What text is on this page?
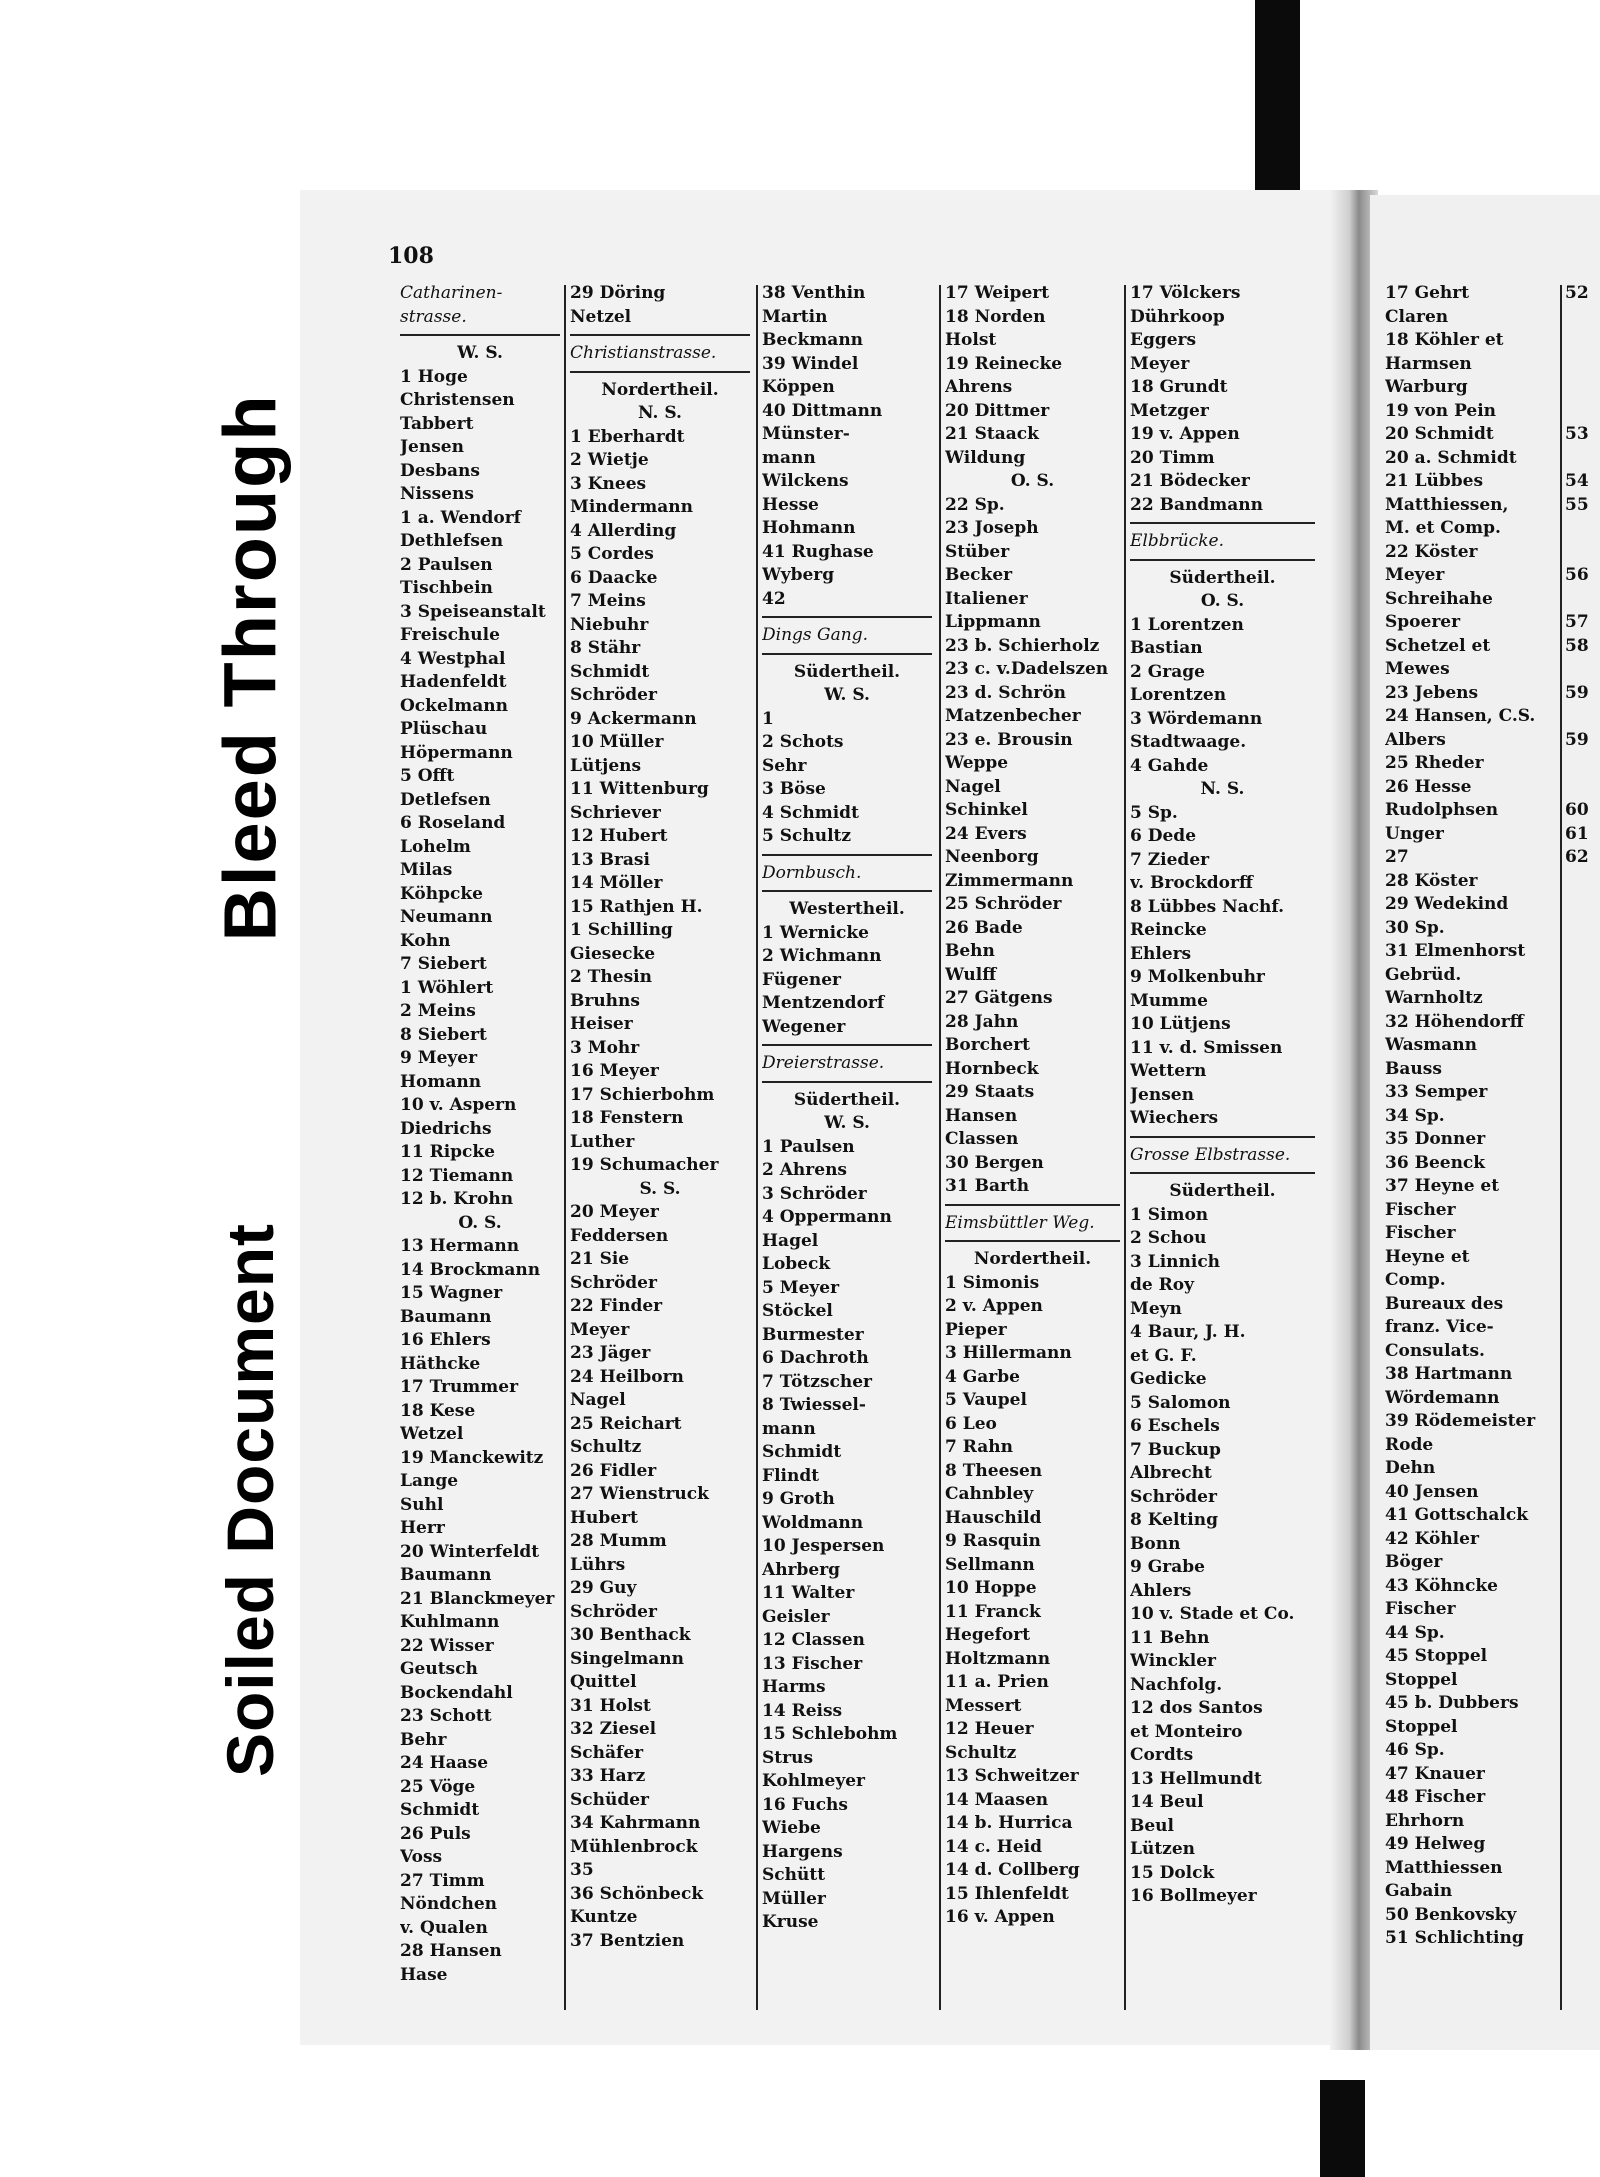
Bleed Through
Soiled Document
108
Catharinen-
strasse.
W. S.
1 Hoge
Christensen
Tabbert
Jensen
Desbans
Nissens
1 a. Wendorf
Dethlefsen
2 Paulsen
Tischbein
3 Speiseanstalt
Freischule
4 Westphal
Hadenfeldt
Ockelmann
Plüschau
Höpermann
5 Offt
Detlefsen
6 Roseland
Lohelm
Milas
Köhpcke
Neumann
Kohn
7 Siebert
1 Wöhlert
2 Meins
8 Siebert
9 Meyer
Homann
10 v. Aspern
Diedrichs
11 Ripcke
12 Tiemann
12 b. Krohn
O. S.
13 Hermann
14 Brockmann
15 Wagner
Baumann
16 Ehlers
Häthcke
17 Trummer
18 Kese
Wetzel
19 Manckewitz
Lange
Suhl
Herr
20 Winterfeldt
Baumann
21 Blanckmeyer
Kuhlmann
22 Wisser
Geutsch
Bockendahl
23 Schott
Behr
24 Haase
25 Vöge
Schmidt
26 Puls
Voss
27 Timm
Nöndchen
v. Qualen
28 Hansen
Hase
29 Döring
Netzel
Christianstrasse.
Nordertheil.
N. S.
1 Eberhardt
2 Wietje
3 Knees
Mindermann
4 Allerding
5 Cordes
6 Daacke
7 Meins
Niebuhr
8 Stähr
Schmidt
Schröder
9 Ackermann
10 Müller
Lütjens
11 Wittenburg
Schriever
12 Hubert
13 Brasi
14 Möller
15 Rathjen H.
1 Schilling
Giesecke
2 Thesin
Bruhns
Heiser
3 Mohr
16 Meyer
17 Schierbohm
18 Fenstern
Luther
19 Schumacher
S. S.
20 Meyer
Feddersen
21 Sie
Schröder
22 Finder
Meyer
23 Jäger
24 Heilborn
Nagel
25 Reichart
Schultz
26 Fidler
27 Wienstruck
Hubert
28 Mumm
Lührs
29 Guy
Schröder
30 Benthack
Singelmann
Quittel
31 Holst
32 Ziesel
Schäfer
33 Harz
Schüder
34 Kahrmann
Mühlenbrock
35
36 Schönbeck
Kuntze
37 Bentzien
38 Venthin
Martin
Beckmann
39 Windel
Köppen
40 Dittmann
Münster-
mann
Wilckens
Hesse
Hohmann
41 Rughase
Wyberg
42
Dings Gang.
Südertheil.
W. S.
1
2 Schots
Sehr
3 Böse
4 Schmidt
5 Schultz
Dornbusch.
Westertheil.
1 Wernicke
2 Wichmann
Fügener
Mentzendorf
Wegener
Dreierstrasse.
Südertheil.
W. S.
1 Paulsen
2 Ahrens
3 Schröder
4 Oppermann
Hagel
Lobeck
5 Meyer
Stöckel
Burmester
6 Dachroth
7 Tötzscher
8 Twiessel-
mann
Schmidt
Flindt
9 Groth
Woldmann
10 Jespersen
Ahrberg
11 Walter
Geisler
12 Classen
13 Fischer
Harms
14 Reiss
15 Schlebohm
Strus
Kohlmeyer
16 Fuchs
Wiebe
Hargens
Schütt
Müller
Kruse
17 Weipert
18 Norden
Holst
19 Reinecke
Ahrens
20 Dittmer
21 Staack
Wildung
O. S.
22 Sp.
23 Joseph
Stüber
Becker
Italiener
Lippmann
23 b. Schierholz
23 c. v.Dadelszen
23 d. Schrön
Matzenbecher
23 e. Brousin
Weppe
Nagel
Schinkel
24 Evers
Neenborg
Zimmermann
25 Schröder
26 Bade
Behn
Wulff
27 Gätgens
28 Jahn
Borchert
Hornbeck
29 Staats
Hansen
Classen
30 Bergen
31 Barth
Eimsbüttler Weg.
Nordertheil.
1 Simonis
2 v. Appen
Pieper
3 Hillermann
4 Garbe
5 Vaupel
6 Leo
7 Rahn
8 Theesen
Cahnbley
Hauschild
9 Rasquin
Sellmann
10 Hoppe
11 Franck
Hegefort
Holtzmann
11 a. Prien
Messert
12 Heuer
Schultz
13 Schweitzer
14 Maasen
14 b. Hurrica
14 c. Heid
14 d. Collberg
15 Ihlenfeldt
16 v. Appen
17 Völckers
Dührkoop
Eggers
Meyer
18 Grundt
Metzger
19 v. Appen
20 Timm
21 Bödecker
22 Bandmann
Elbbrücke.
Südertheil.
O. S.
1 Lorentzen
Bastian
2 Grage
Lorentzen
3 Wördemann
Stadtwaage.
4 Gahde
N. S.
5 Sp.
6 Dede
7 Zieder
v. Brockdorff
8 Lübbes Nachf.
Reincke
Ehlers
9 Molkenbuhr
Mumme
10 Lütjens
11 v. d. Smissen
Wettern
Jensen
Wiechers
Grosse Elbstrasse.
Südertheil.
1 Simon
2 Schou
3 Linnich
de Roy
Meyn
4 Baur, J. H.
et G. F.
Gedicke
5 Salomon
6 Eschels
7 Buckup
Albrecht
Schröder
8 Kelting
Bonn
9 Grabe
Ahlers
10 v. Stade et Co.
11 Behn
Winckler
Nachfolg.
12 dos Santos
et Monteiro
Cordts
13 Hellmundt
14 Beul
Beul
Lützen
15 Dolck
16 Bollmeyer
17 Gehrt
Claren
18 Köhler et
Harmsen
Warburg
19 von Pein
20 Schmidt
20 a. Schmidt
21 Lübbes
Matthiessen,
M. et Comp.
22 Köster
Meyer
Schreihahe
Spoerer
Schetzel et
Mewes
23 Jebens
24 Hansen, C.S.
Albers
25 Rheder
26 Hesse
Rudolphsen
Unger
27
28 Köster
29 Wedekind
30 Sp.
31 Elmenhorst
Gebrüd.
Warnholtz
32 Höhendorff
Wasmann
Bauss
33 Semper
34 Sp.
35 Donner
36 Beenck
37 Heyne et
Fischer
Fischer
Heyne et
Comp.
Bureaux des
franz. Vice-
Consulats.
38 Hartmann
Wördemann
39 Rödemeister
Rode
Dehn
40 Jensen
41 Gottschalck
42 Köhler
Böger
43 Köhncke
Fischer
44 Sp.
45 Stoppel
Stoppel
45 b. Dubbers
Stoppel
46 Sp.
47 Knauer
48 Fischer
Ehrhorn
49 Helweg
Matthiessen
Gabain
50 Benkovsky
51 Schlichting
52
53
54
55
56
57
58
59
59
60
61
62
